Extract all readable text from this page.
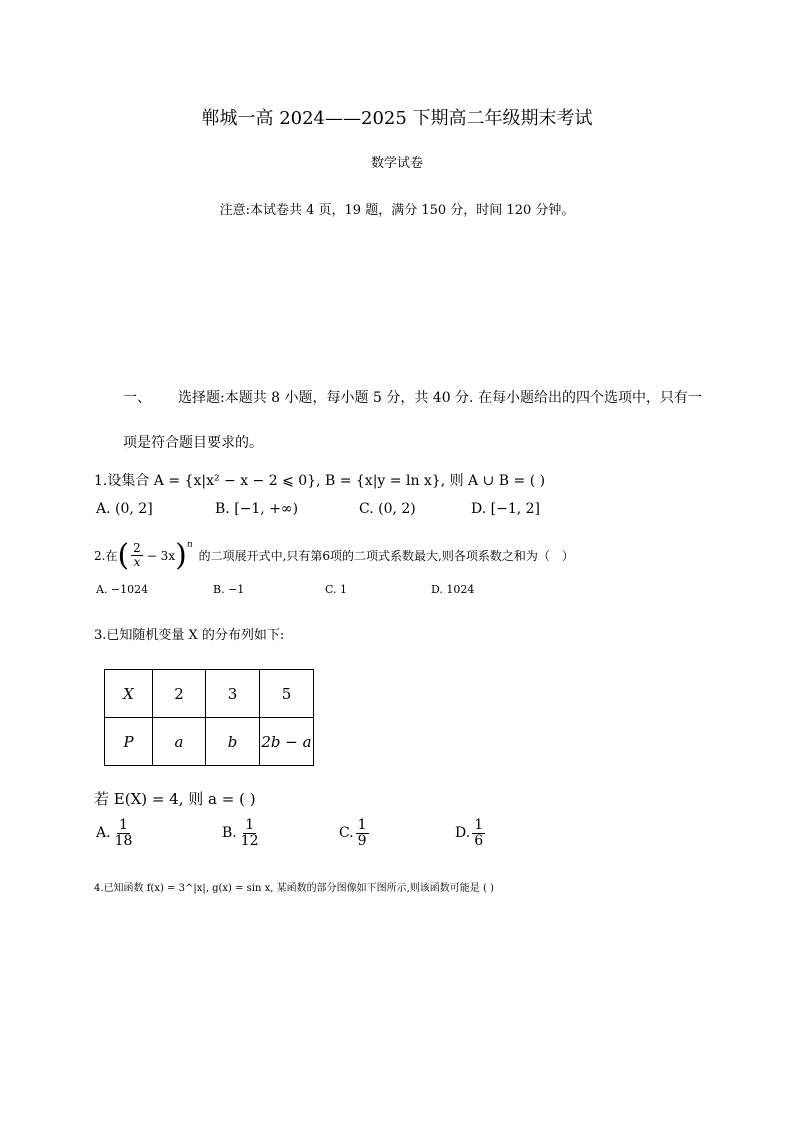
郸城一高 2024——2025 下期高二年级期末考试
数学试卷
注意:本试卷共 4 页，19 题，满分 150 分，时间 120 分钟。
一、 选择题:本题共 8 小题，每小题 5 分，共 40 分. 在每小题给出的四个选项中，只有一
项是符合题目要求的。
1.设集合 A = {x|x² − x − 2 ⩽ 0}, B = {x|y = ln x}, 则 A ∪ B = ( )
A. (0, 2]	B. [−1, +∞)	C. (0, 2)	D. [−1, 2]
2.在 ( $\frac{2}{x} - 3x$ )$^n$
的二项展开式中,只有第6项的二项式系数最大,则各项系数之和为（　）
A. −1024	B. −1	C. 1	D. 1024
3.已知随机变量 X 的分布列如下:
X	2	3	5
P	a	b	2b − a
若 E(X) = 4, 则 a = ( )
A. $\frac{1}{18}$	B. $\frac{1}{12}$	C. $\frac{1}{9}$	D. $\frac{1}{6}$
4.已知函数 f(x) = 3^|x|, g(x) = sin x, 某函数的部分图像如下图所示,则该函数可能是 ( )
